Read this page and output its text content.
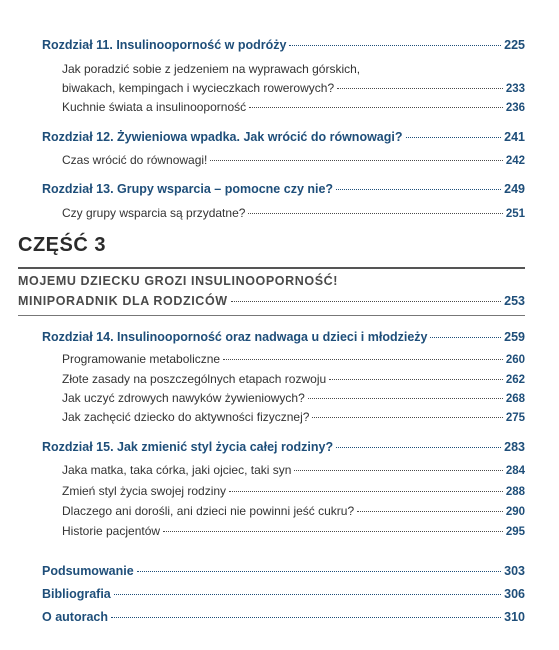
Rozdział 11. Insulinooporność w podróży	225
Jak poradzić sobie z jedzeniem na wyprawach górskich,
biwakach, kempingach i wycieczkach rowerowych?	233
Kuchnie świata a insulinooporność	236
Rozdział 12. Żywieniowa wpadka. Jak wrócić do równowagi?	241
Czas wrócić do równowagi!	242
Rozdział 13. Grupy wsparcia – pomocne czy nie?	249
Czy grupy wsparcia są przydatne?	251
CZĘŚĆ 3
MOJEMU DZIECKU GROZI INSULINOOPORNOŚĆ!
MINIPORADNIK DLA RODZICÓW	253
Rozdział 14. Insulinooporność oraz nadwaga u dzieci i młodzieży	259
Programowanie metaboliczne	260
Złote zasady na poszczególnych etapach rozwoju	262
Jak uczyć zdrowych nawyków żywieniowych?	268
Jak zachęcić dziecko do aktywności fizycznej?	275
Rozdział 15. Jak zmienić styl życia całej rodziny?	283
Jaka matka, taka córka, jaki ojciec, taki syn	284
Zmień styl życia swojej rodziny	288
Dlaczego ani dorośli, ani dzieci nie powinni jeść cukru?	290
Historie pacjentów	295
Podsumowanie	303
Bibliografia	306
O autorach	310
